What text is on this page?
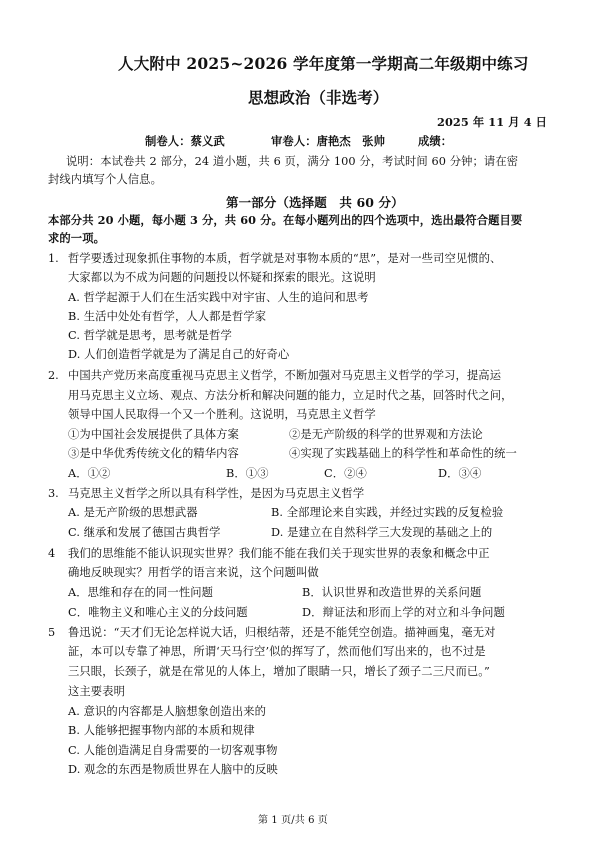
人大附中 2025~2026 学年度第一学期高二年级期中练习
思想政治（非选考）
2025 年 11 月 4 日
制卷人：蔡义武	审卷人：唐艳杰　张帅	成绩：
说明：本试卷共 2 部分，24 道小题，共 6 页，满分 100 分，考试时间 60 分钟；请在密
封线内填写个人信息。
第一部分（选择题　共 60 分）
本部分共 20 小题，每小题 3 分，共 60 分。在每小题列出的四个选项中，选出最符合题目要
求的一项。
1. 哲学要透过现象抓住事物的本质，哲学就是对事物本质的“思”，是对一些司空见惯的、
大家都以为不成为问题的问题投以怀疑和探索的眼光。这说明
A. 哲学起源于人们在生活实践中对宇宙、人生的追问和思考
B. 生活中处处有哲学，人人都是哲学家
C. 哲学就是思考，思考就是哲学
D. 人们创造哲学就是为了满足自己的好奇心
2. 中国共产党历来高度重视马克思主义哲学，不断加强对马克思主义哲学的学习，提高运
用马克思主义立场、观点、方法分析和解决问题的能力，立足时代之基，回答时代之问，
领导中国人民取得一个又一个胜利。这说明，马克思主义哲学
①为中国社会发展提供了具体方案	②是无产阶级的科学的世界观和方法论
③是中华优秀传统文化的精华内容	④实现了实践基础上的科学性和革命性的统一
A．①②	B．①③	C．②④	D．③④
3. 马克思主义哲学之所以具有科学性，是因为马克思主义哲学
A. 是无产阶级的思想武器	B. 全部理论来自实践，并经过实践的反复检验
C. 继承和发展了德国古典哲学	D. 是建立在自然科学三大发现的基础之上的
4 我们的思维能不能认识现实世界？我们能不能在我们关于现实世界的表象和概念中正
确地反映现实？用哲学的语言来说，这个问题叫做
A．思维和存在的同一性问题	B．认识世界和改造世界的关系问题
C．唯物主义和唯心主义的分歧问题	D．辩证法和形而上学的对立和斗争问题
5 鲁迅说：“天才们无论怎样说大话，归根结蒂，还是不能凭空创造。描神画鬼，毫无对
証，本可以专靠了神思，所谓‘天马行空’似的挥写了，然而他们写出来的，也不过是
三只眼，长颈子，就是在常见的人体上，增加了眼睛一只，增长了颈子二三尺而已。”
这主要表明
A. 意识的内容都是人脑想象创造出来的
B. 人能够把握事物内部的本质和规律
C. 人能创造满足自身需要的一切客观事物
D. 观念的东西是物质世界在人脑中的反映
第 1 页/共 6 页
